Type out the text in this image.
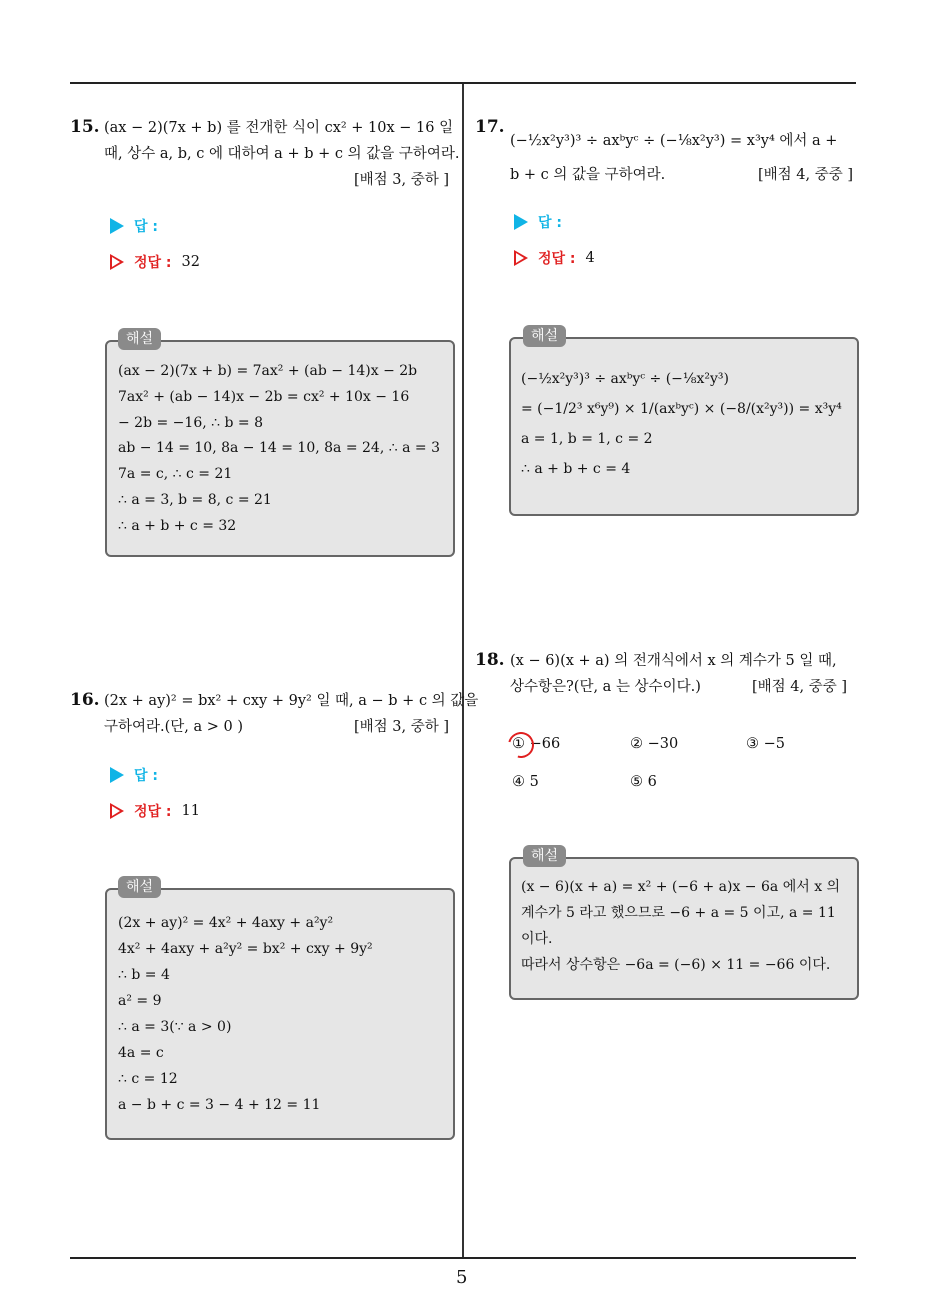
15. (ax − 2)(7x + b) 를 전개한 식이 cx² + 10x − 16 일
때, 상수 a, b, c 에 대하여 a + b + c 의 값을 구하여라.
[배점 3, 중하 ]
답 :
정답 : 32
해설
(ax − 2)(7x + b) = 7ax² + (ab − 14)x − 2b
7ax² + (ab − 14)x − 2b = cx² + 10x − 16
− 2b = −16, ∴ b = 8
ab − 14 = 10, 8a − 14 = 10, 8a = 24, ∴ a = 3
7a = c, ∴ c = 21
∴ a = 3, b = 8, c = 21
∴ a + b + c = 32
16. (2x + ay)² = bx² + cxy + 9y² 일 때, a − b + c 의 값을
구하여라.(단, a > 0 )	[배점 3, 중하 ]
답 :
정답 : 11
해설
(2x + ay)² = 4x² + 4axy + a²y²
4x² + 4axy + a²y² = bx² + cxy + 9y²
∴ b = 4
a² = 9
∴ a = 3(∵ a > 0)
4a = c
∴ c = 12
a − b + c = 3 − 4 + 12 = 11
17.
(−½x²y³)³ ÷ axᵇyᶜ ÷ (−⅛x²y³) = x³y⁴ 에서 a +
b + c 의 값을 구하여라.	[배점 4, 중중 ]
답 :
정답 : 4
해설
(−½x²y³)³ ÷ axᵇyᶜ ÷ (−⅛x²y³)
= (−1/2³ x⁶y⁹) × 1/(axᵇyᶜ) × (−8/(x²y³)) = x³y⁴
a = 1, b = 1, c = 2
∴ a + b + c = 4
18. (x − 6)(x + a) 의 전개식에서 x 의 계수가 5 일 때,
상수항은?(단, a 는 상수이다.)	[배점 4, 중중 ]
① −66	② −30	③ −5
④ 5	⑤ 6
해설
(x − 6)(x + a) = x² + (−6 + a)x − 6a 에서 x 의
계수가 5 라고 했으므로 −6 + a = 5 이고, a = 11
이다.
따라서 상수항은 −6a = (−6) × 11 = −66 이다.
5
